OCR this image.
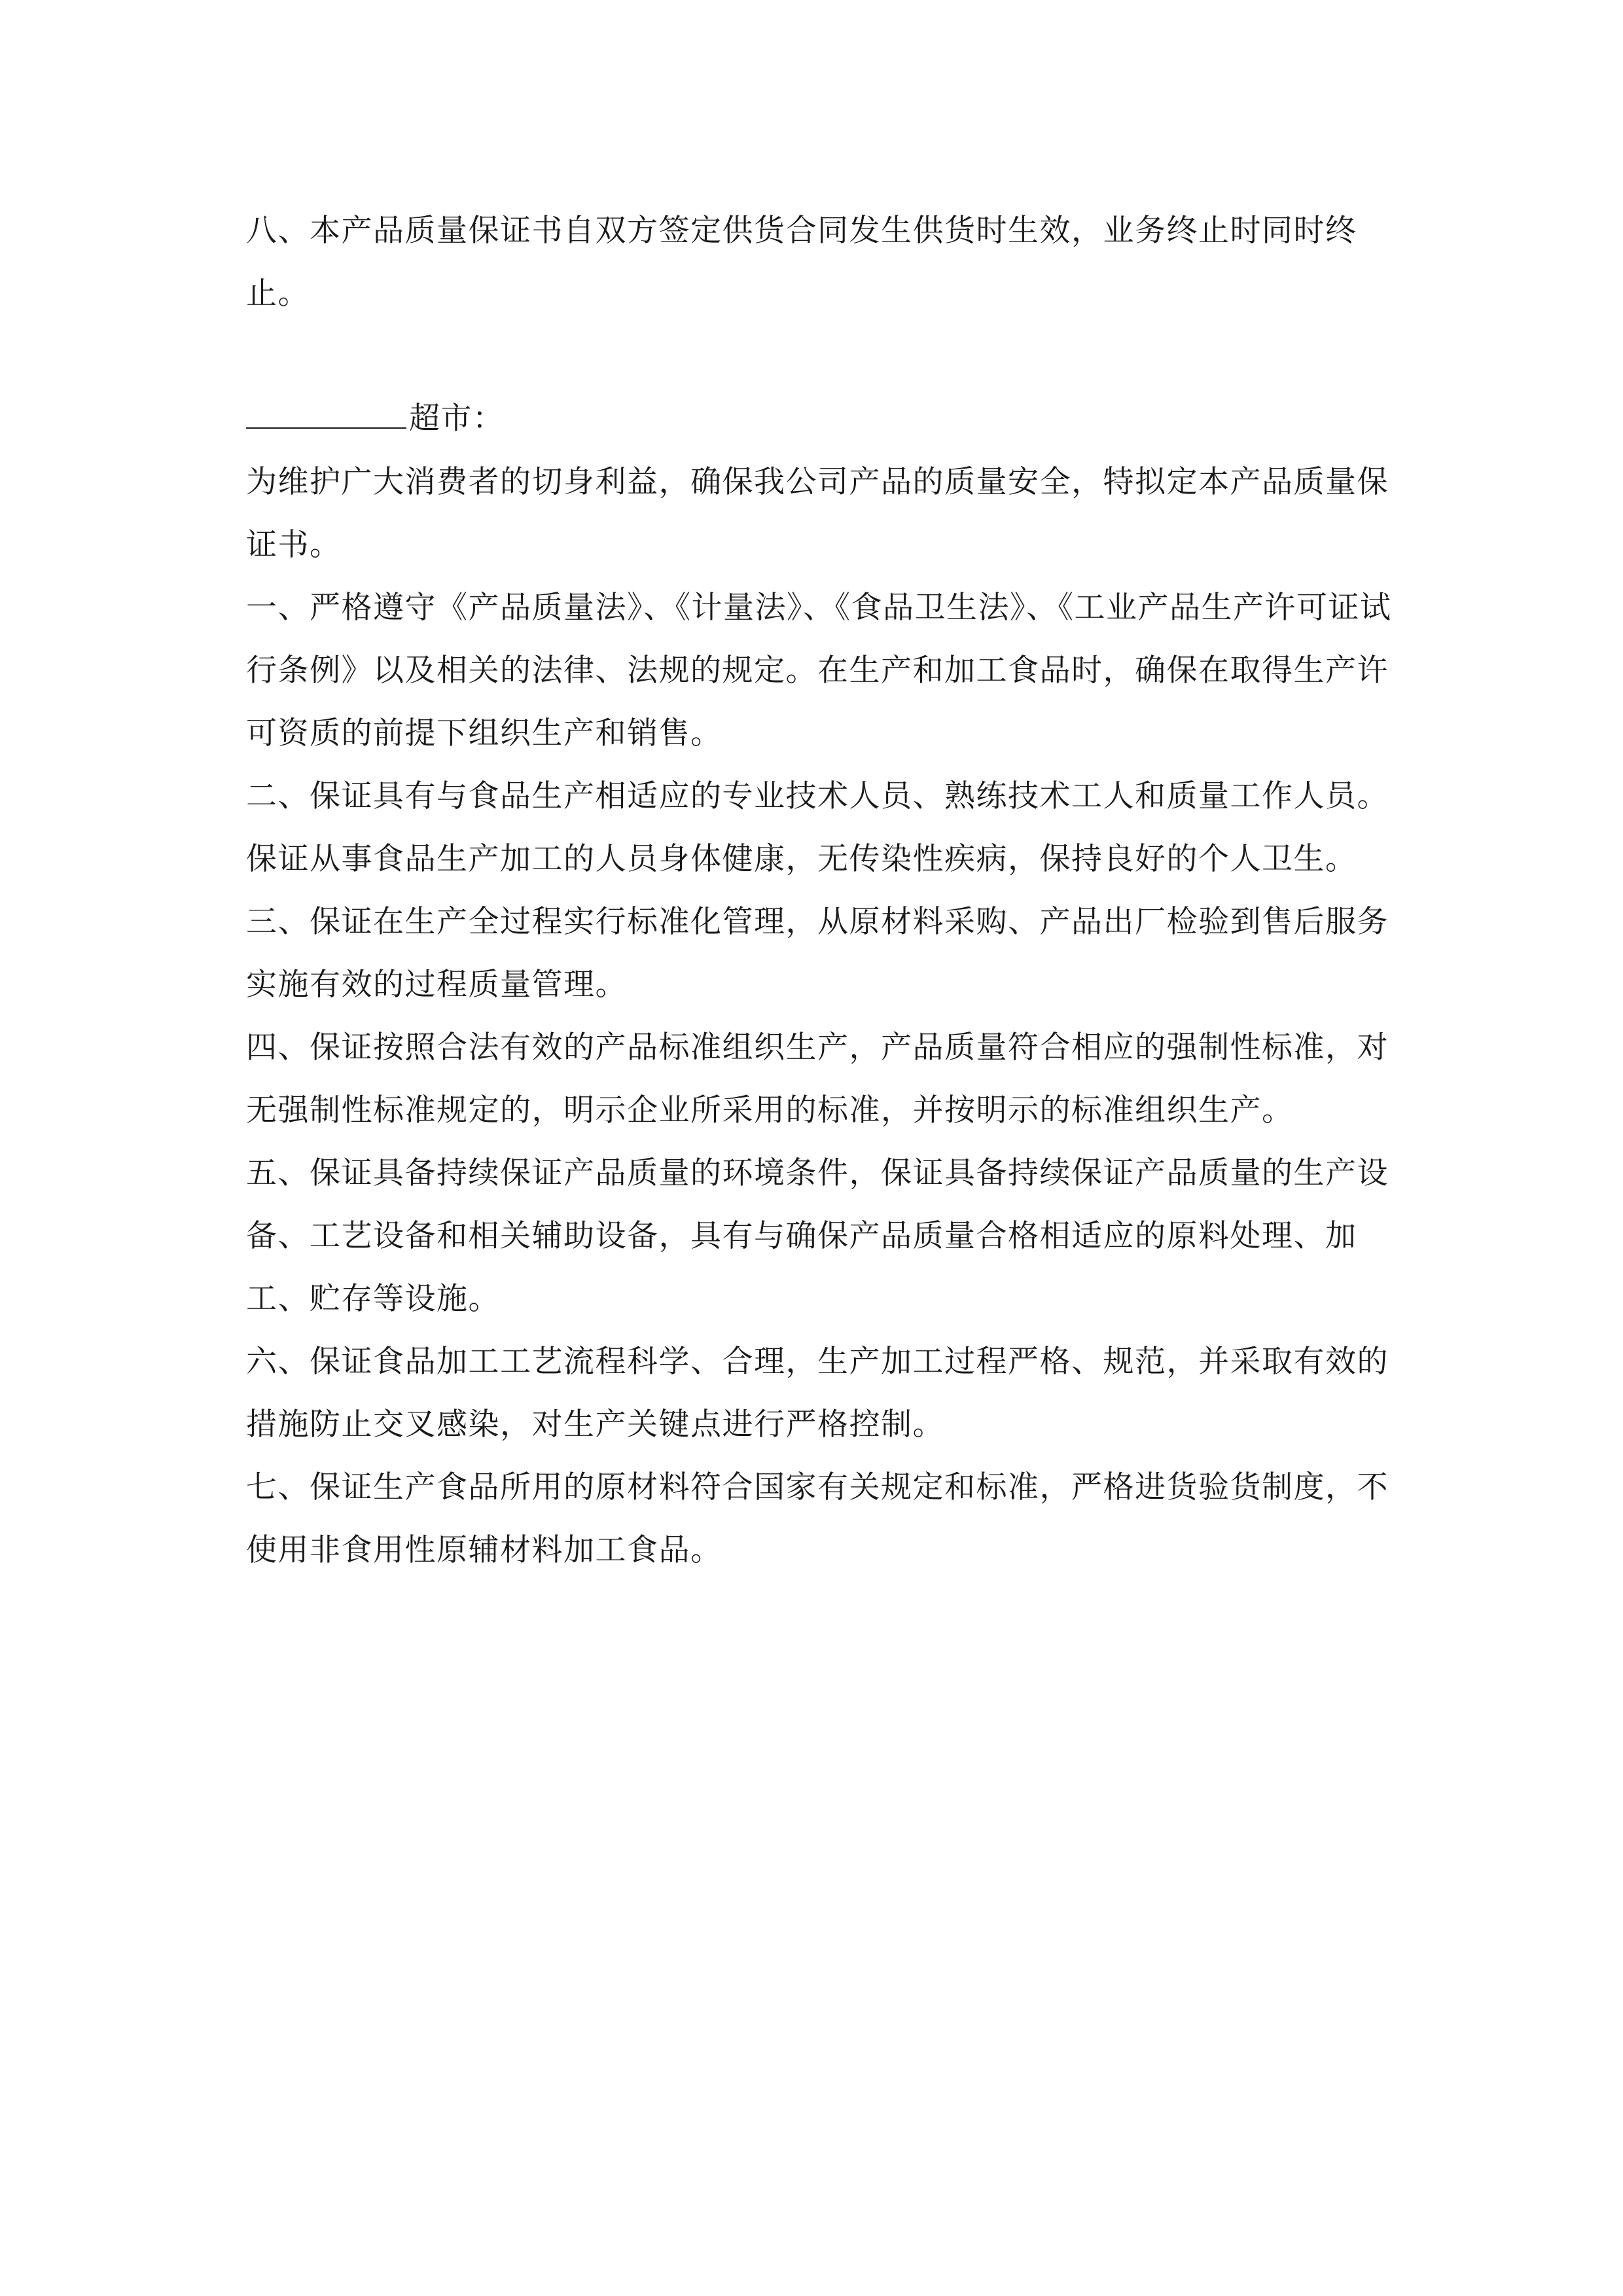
八、本产品质量保证书自双方签定供货合同发生供货时生效，业务终止时同时终止。

超市：

为维护广大消费者的切身利益，确保我公司产品的质量安全，特拟定本产品质量保证书。

一、严格遵守《产品质量法》、《计量法》、《食品卫生法》、《工业产品生产许可证试行条例》以及相关的法律、法规的规定。在生产和加工食品时，确保在取得生产许可资质的前提下组织生产和销售。

二、保证具有与食品生产相适应的专业技术人员、熟练技术工人和质量工作人员。保证从事食品生产加工的人员身体健康，无传染性疾病，保持良好的个人卫生。

三、保证在生产全过程实行标准化管理，从原材料采购、产品出厂检验到售后服务实施有效的过程质量管理。

四、保证按照合法有效的产品标准组织生产，产品质量符合相应的强制性标准，对无强制性标准规定的，明示企业所采用的标准，并按明示的标准组织生产。

五、保证具备持续保证产品质量的环境条件，保证具备持续保证产品质量的生产设备、工艺设备和相关辅助设备，具有与确保产品质量合格相适应的原料处理、加工、贮存等设施。

六、保证食品加工工艺流程科学、合理，生产加工过程严格、规范，并采取有效的措施防止交叉感染，对生产关键点进行严格控制。

七、保证生产食品所用的原材料符合国家有关规定和标准，严格进货验货制度，不使用非食用性原辅材料加工食品。
